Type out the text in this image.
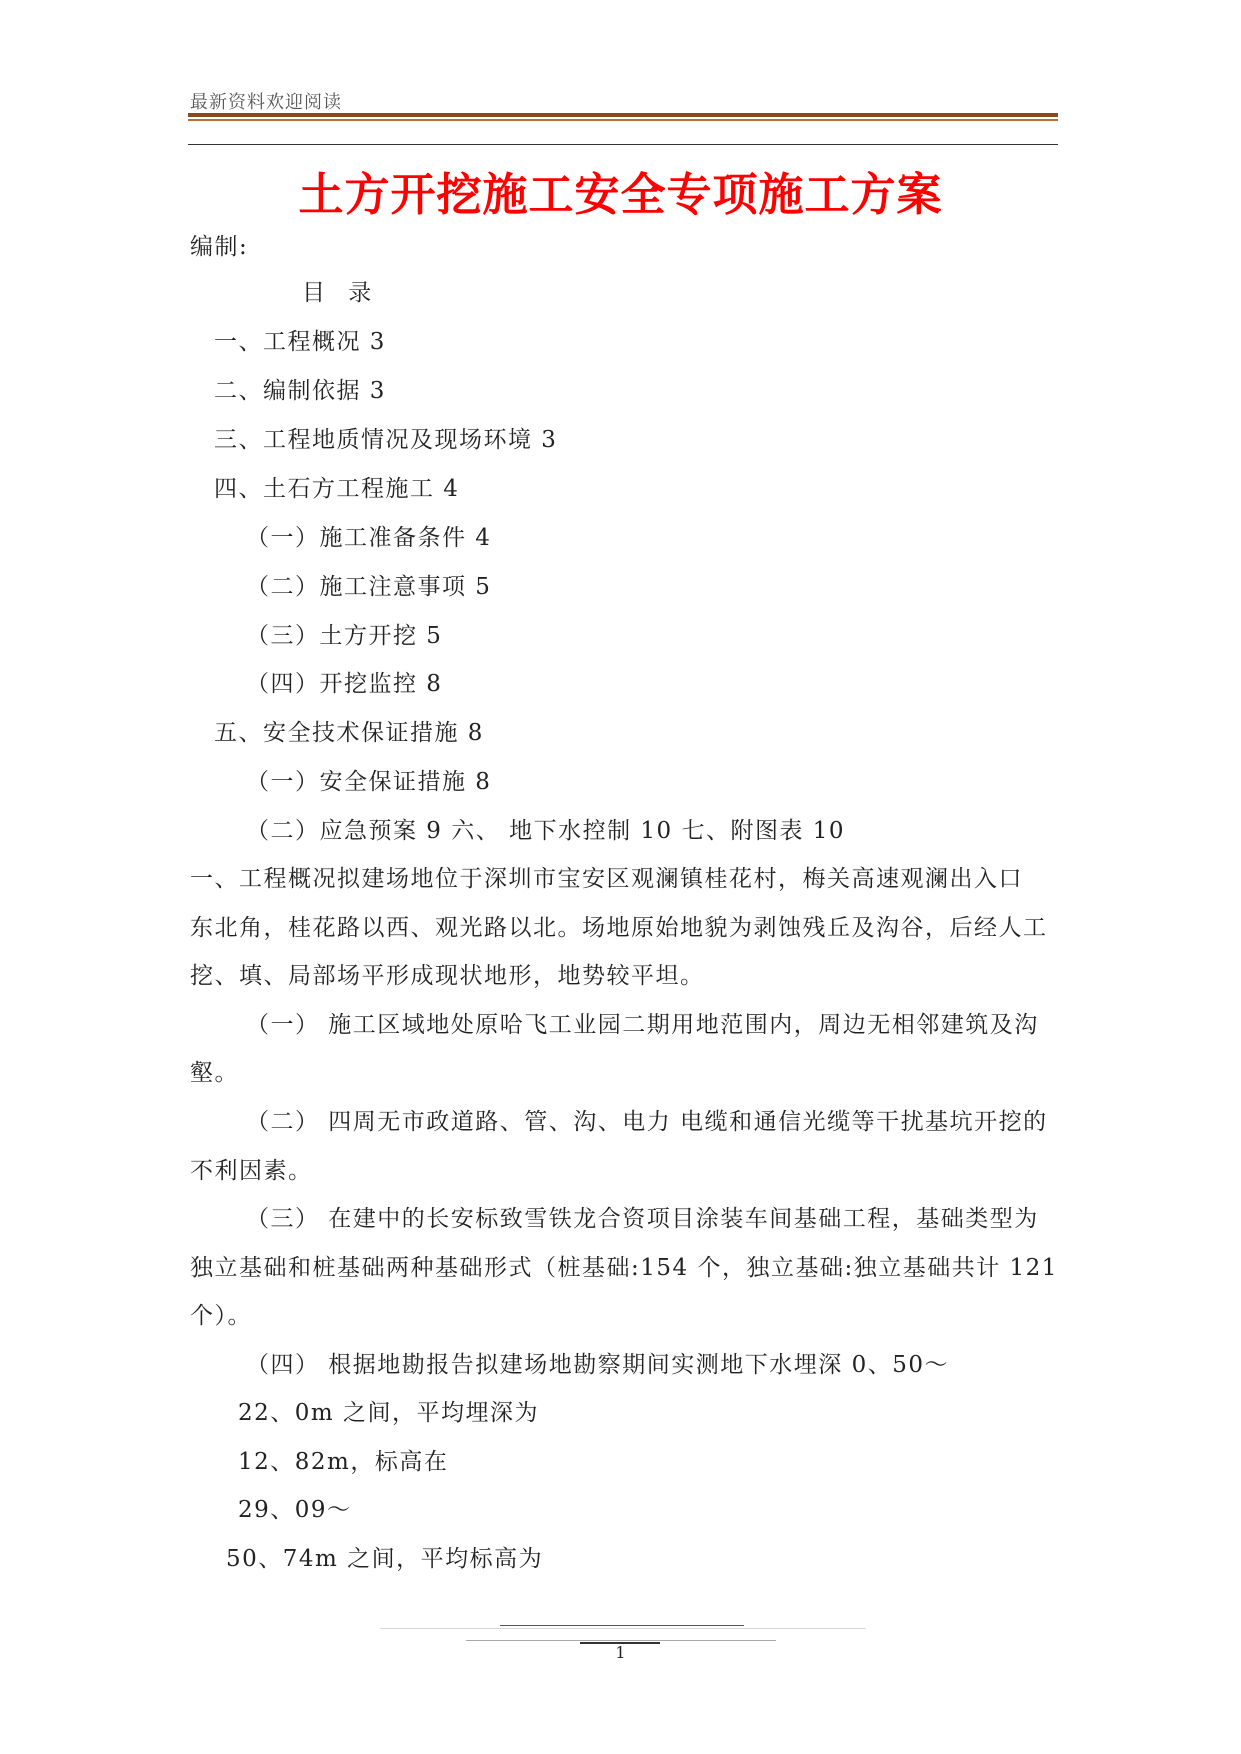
最新资料欢迎阅读
土方开挖施工安全专项施工方案
编制:
目 录
一、工程概况 3
二、编制依据 3
三、工程地质情况及现场环境 3
四、土石方工程施工 4
（一）施工准备条件 4
（二）施工注意事项 5
（三）土方开挖 5
（四）开挖监控 8
五、安全技术保证措施 8
（一）安全保证措施 8
（二）应急预案 9 六、 地下水控制 10 七、附图表 10
一、工程概况拟建场地位于深圳市宝安区观澜镇桂花村，梅关高速观澜出入口
东北角，桂花路以西、观光路以北。场地原始地貌为剥蚀残丘及沟谷，后经人工
挖、填、局部场平形成现状地形，地势较平坦。
（一） 施工区域地处原哈飞工业园二期用地范围内，周边无相邻建筑及沟
壑。
（二） 四周无市政道路、管、沟、电力 电缆和通信光缆等干扰基坑开挖的
不利因素。
（三） 在建中的长安标致雪铁龙合资项目涂装车间基础工程，基础类型为
独立基础和桩基础两种基础形式（桩基础:154 个，独立基础:独立基础共计 121
个）。
（四） 根据地勘报告拟建场地勘察期间实测地下水埋深 0、50～
22、0m 之间，平均埋深为
12、82m，标高在
29、09～
50、74m 之间，平均标高为
1
